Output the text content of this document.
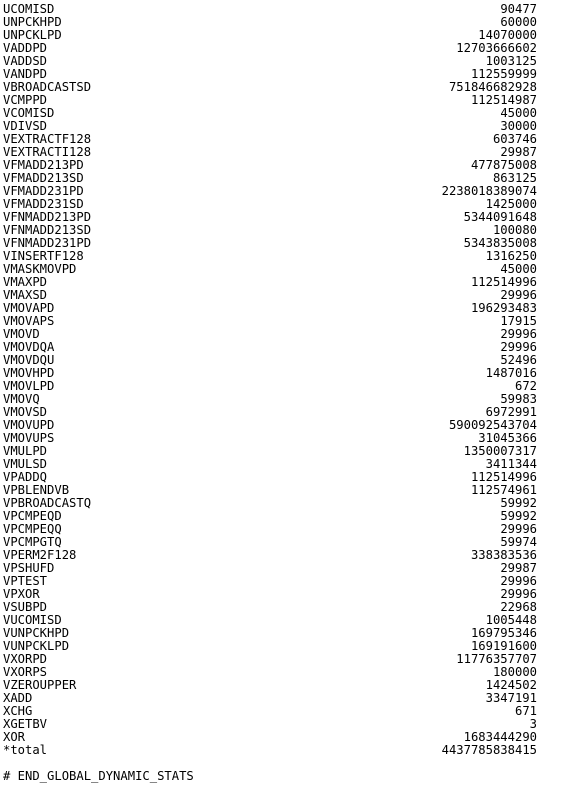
UCOMISD	90477
UNPCKHPD	60000
UNPCKLPD	14070000
VADDPD	12703666602
VADDSD	1003125
VANDPD	112559999
VBROADCASTSD	751846682928
VCMPPD	112514987
VCOMISD	45000
VDIVSD	30000
VEXTRACTF128	603746
VEXTRACTI128	29987
VFMADD213PD	477875008
VFMADD213SD	863125
VFMADD231PD	2238018389074
VFMADD231SD	1425000
VFNMADD213PD	5344091648
VFNMADD213SD	100080
VFNMADD231PD	5343835008
VINSERTF128	1316250
VMASKMOVPD	45000
VMAXPD	112514996
VMAXSD	29996
VMOVAPD	196293483
VMOVAPS	17915
VMOVD	29996
VMOVDQA	29996
VMOVDQU	52496
VMOVHPD	1487016
VMOVLPD	672
VMOVQ	59983
VMOVSD	6972991
VMOVUPD	590092543704
VMOVUPS	31045366
VMULPD	1350007317
VMULSD	3411344
VPADDQ	112514996
VPBLENDVB	112574961
VPBROADCASTQ	59992
VPCMPEQD	59992
VPCMPEQQ	29996
VPCMPGTQ	59974
VPERM2F128	338383536
VPSHUFD	29987
VPTEST	29996
VPXOR	29996
VSUBPD	22968
VUCOMISD	1005448
VUNPCKHPD	169795346
VUNPCKLPD	169191600
VXORPD	11776357707
VXORPS	180000
VZEROUPPER	1424502
XADD	3347191
XCHG	671
XGETBV	3
XOR	1683444290
*total	4437785838415
# END_GLOBAL_DYNAMIC_STATS
